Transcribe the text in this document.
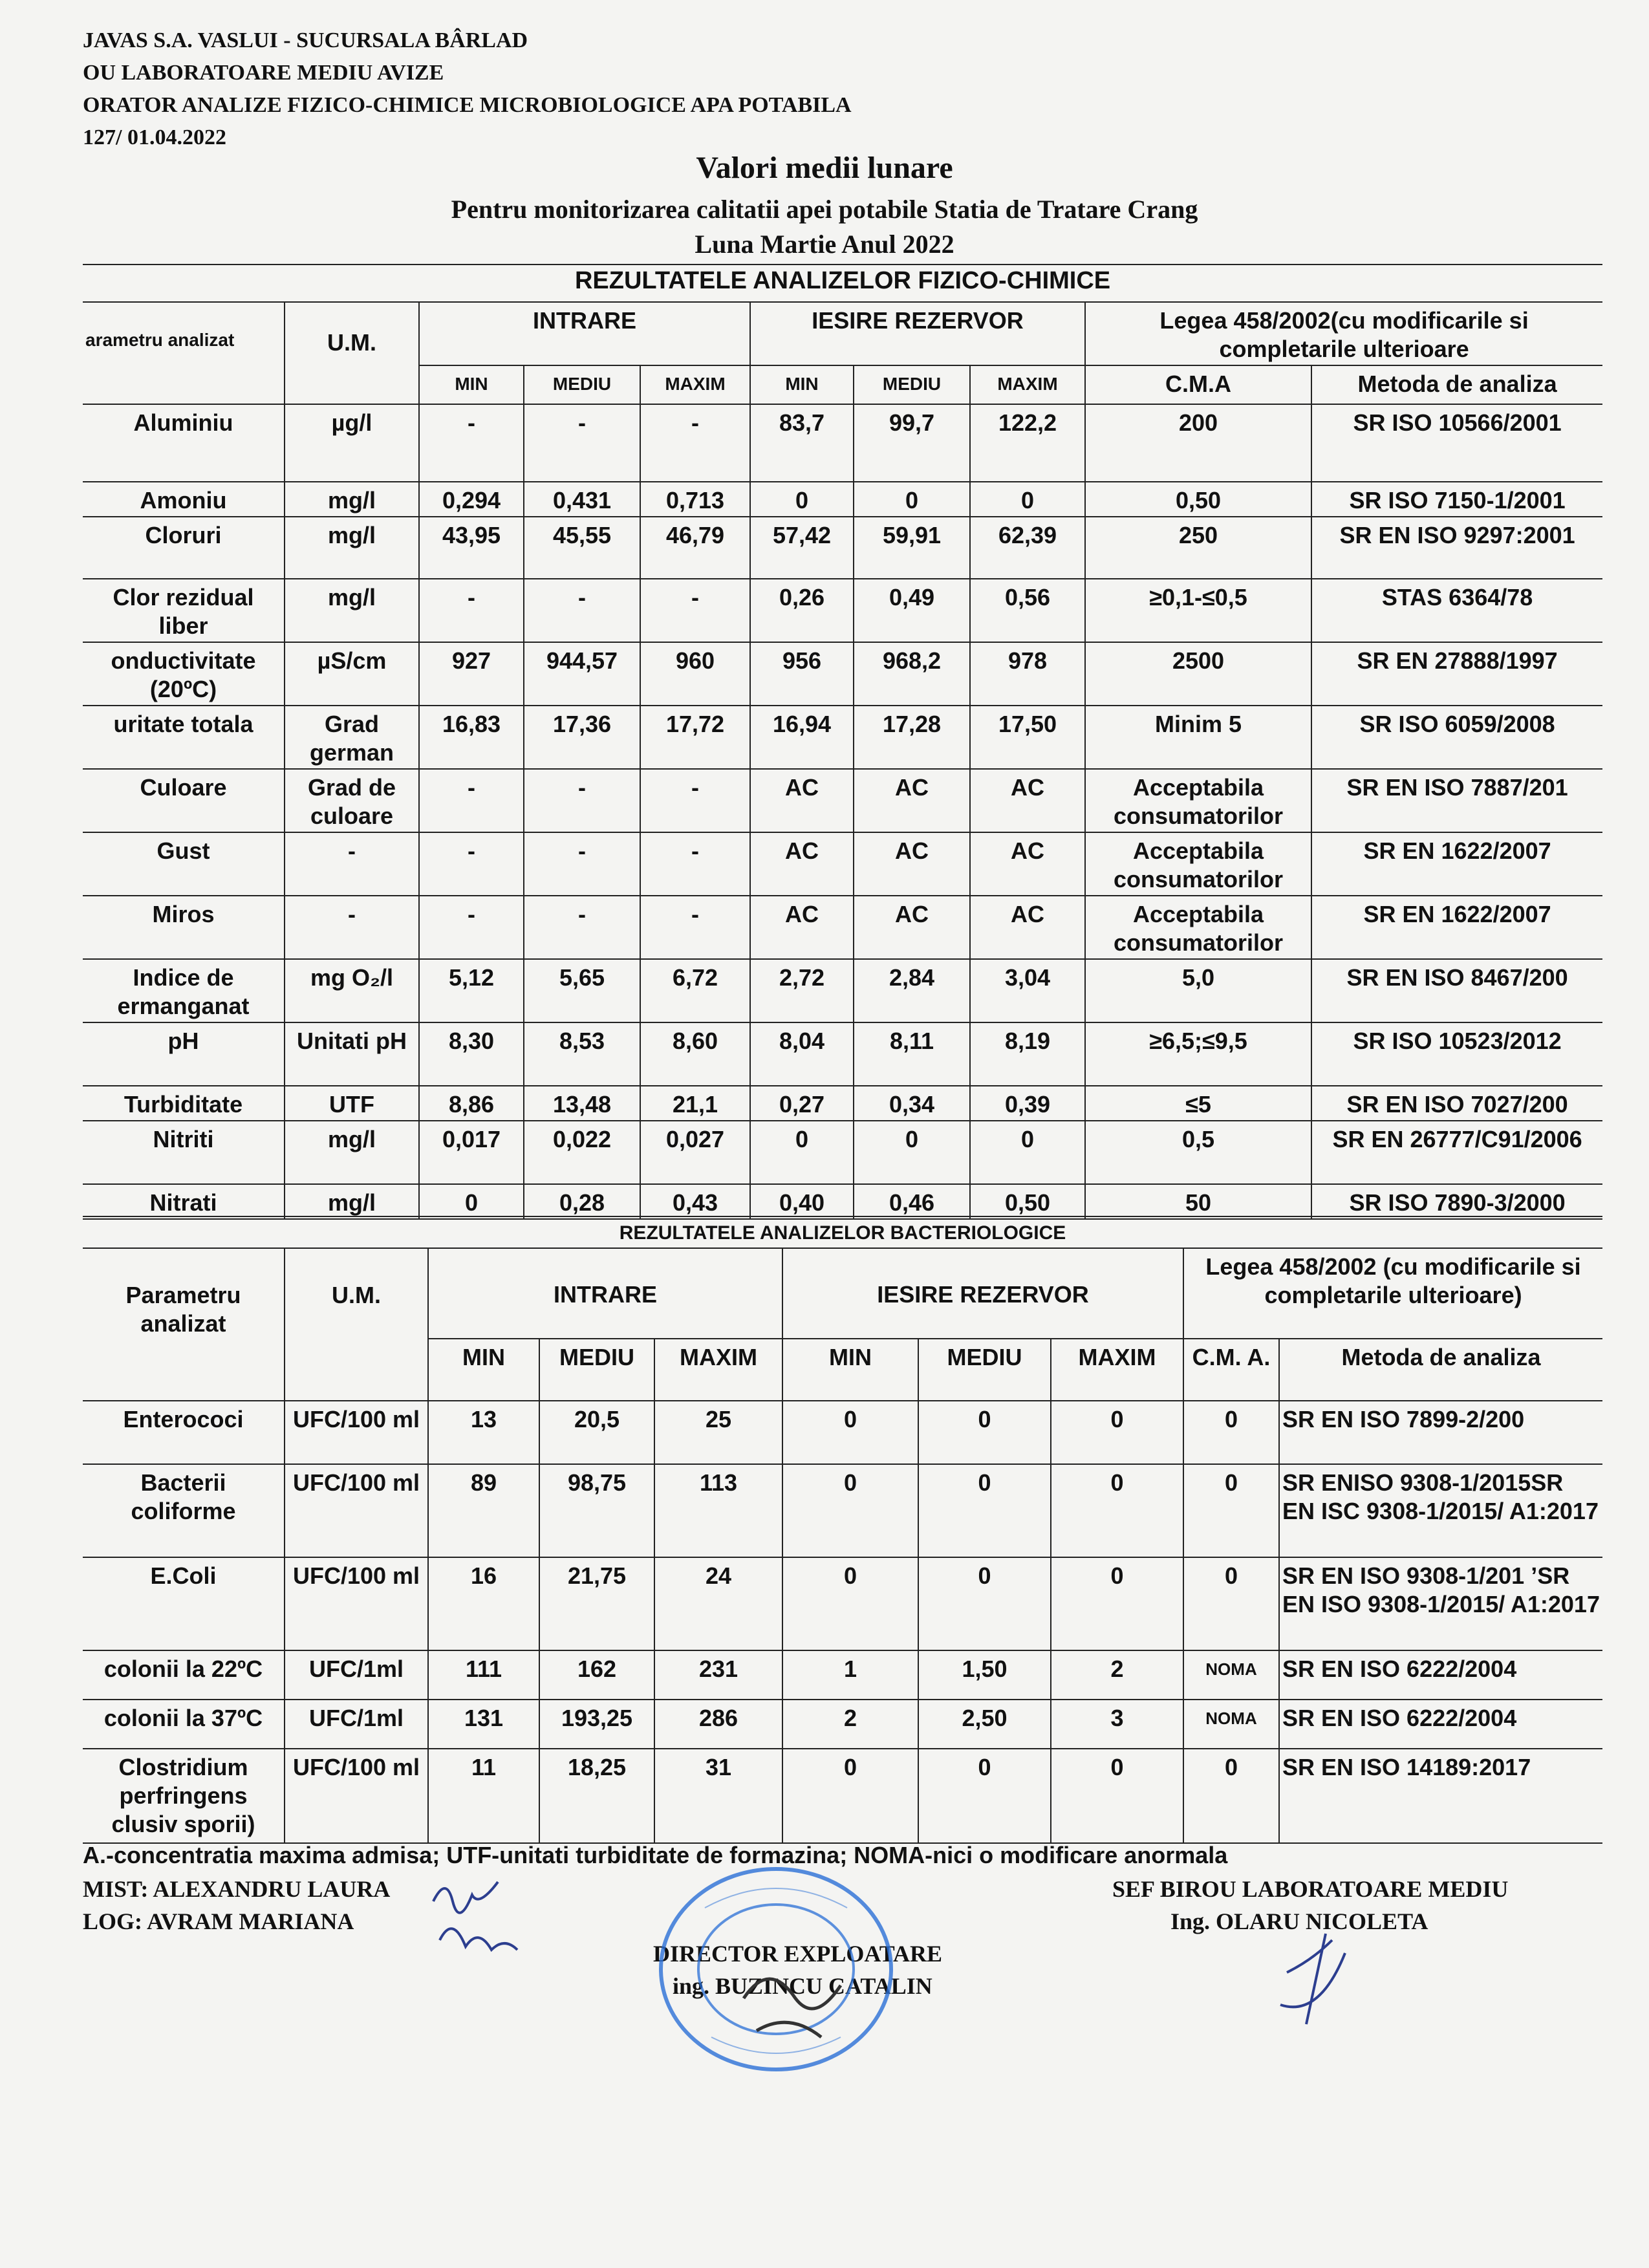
JAVAS S.A. VASLUI - SUCURSALA BÂRLAD
OU LABORATOARE MEDIU AVIZE
ORATOR ANALIZE FIZICO-CHIMICE MICROBIOLOGICE APA POTABILA
127/ 01.04.2022
Valori medii lunare
Pentru monitorizarea calitatii apei potabile Statia de Tratare Crang
Luna Martie Anul 2022
REZULTATELE ANALIZELOR FIZICO-CHIMICE									
arametru analizat	U.M.	INTRARE			IESIRE REZERVOR			Legea 458/2002(cu modificarile si completarile ulterioare	
		MIN	MEDIU	MAXIM	MIN	MEDIU	MAXIM	C.M.A	Metoda de analiza
Aluminiu	µg/l	-	-	-	83,7	99,7	122,2	200	SR ISO 10566/2001
Amoniu	mg/l	0,294	0,431	0,713	0	0	0	0,50	SR ISO 7150-1/2001
Cloruri	mg/l	43,95	45,55	46,79	57,42	59,91	62,39	250	SR EN ISO 9297:2001
Clor rezidual liber	mg/l	-	-	-	0,26	0,49	0,56	≥0,1-≤0,5	STAS 6364/78
onductivitate (20ºC)	µS/cm	927	944,57	960	956	968,2	978	2500	SR EN 27888/1997
uritate totala	Grad german	16,83	17,36	17,72	16,94	17,28	17,50	Minim 5	SR ISO 6059/2008
Culoare	Grad de culoare	-	-	-	AC	AC	AC	Acceptabila consumatorilor	SR EN ISO 7887/201
Gust	-	-	-	-	AC	AC	AC	Acceptabila consumatorilor	SR EN 1622/2007
Miros	-	-	-	-	AC	AC	AC	Acceptabila consumatorilor	SR EN 1622/2007
Indice de ermanganat	mg O₂/l	5,12	5,65	6,72	2,72	2,84	3,04	5,0	SR EN ISO 8467/200
pH	Unitati pH	8,30	8,53	8,60	8,04	8,11	8,19	≥6,5;≤9,5	SR ISO 10523/2012
Turbiditate	UTF	8,86	13,48	21,1	0,27	0,34	0,39	≤5	SR EN ISO 7027/200
Nitriti	mg/l	0,017	0,022	0,027	0	0	0	0,5	SR EN 26777/C91/2006
Nitrati	mg/l	0	0,28	0,43	0,40	0,46	0,50	50	SR ISO 7890-3/2000
REZULTATELE ANALIZELOR BACTERIOLOGICE									
Parametru analizat	U.M.	INTRARE			IESIRE REZERVOR			Legea 458/2002 (cu modificarile si completarile ulterioare)	
		MIN	MEDIU	MAXIM	MIN	MEDIU	MAXIM	C.M. A.	Metoda de analiza
Enterococi	UFC/100 ml	13	20,5	25	0	0	0	0	SR EN ISO 7899-2/200
Bacterii coliforme	UFC/100 ml	89	98,75	113	0	0	0	0	SR ENISO 9308-1/2015SR EN ISC 9308-1/2015/ A1:2017
E.Coli	UFC/100 ml	16	21,75	24	0	0	0	0	SR EN ISO 9308-1/201 ʼSR EN ISO 9308-1/2015/ A1:2017
colonii la 22ºC	UFC/1ml	111	162	231	1	1,50	2	NOMA	SR EN ISO 6222/2004
colonii la 37ºC	UFC/1ml	131	193,25	286	2	2,50	3	NOMA	SR EN ISO 6222/2004
Clostridium perfringens clusiv sporii)	UFC/100 ml	11	18,25	31	0	0	0	0	SR EN ISO 14189:2017
A.-concentratia maxima admisa; UTF-unitati turbiditate de formazina; NOMA-nici o modificare anormala
MIST: ALEXANDRU LAURA
LOG: AVRAM MARIANA
SEF BIROU LABORATOARE MEDIU
Ing. OLARU NICOLETA
DIRECTOR EXPLOATARE
ing. BUZINCU CATALIN
